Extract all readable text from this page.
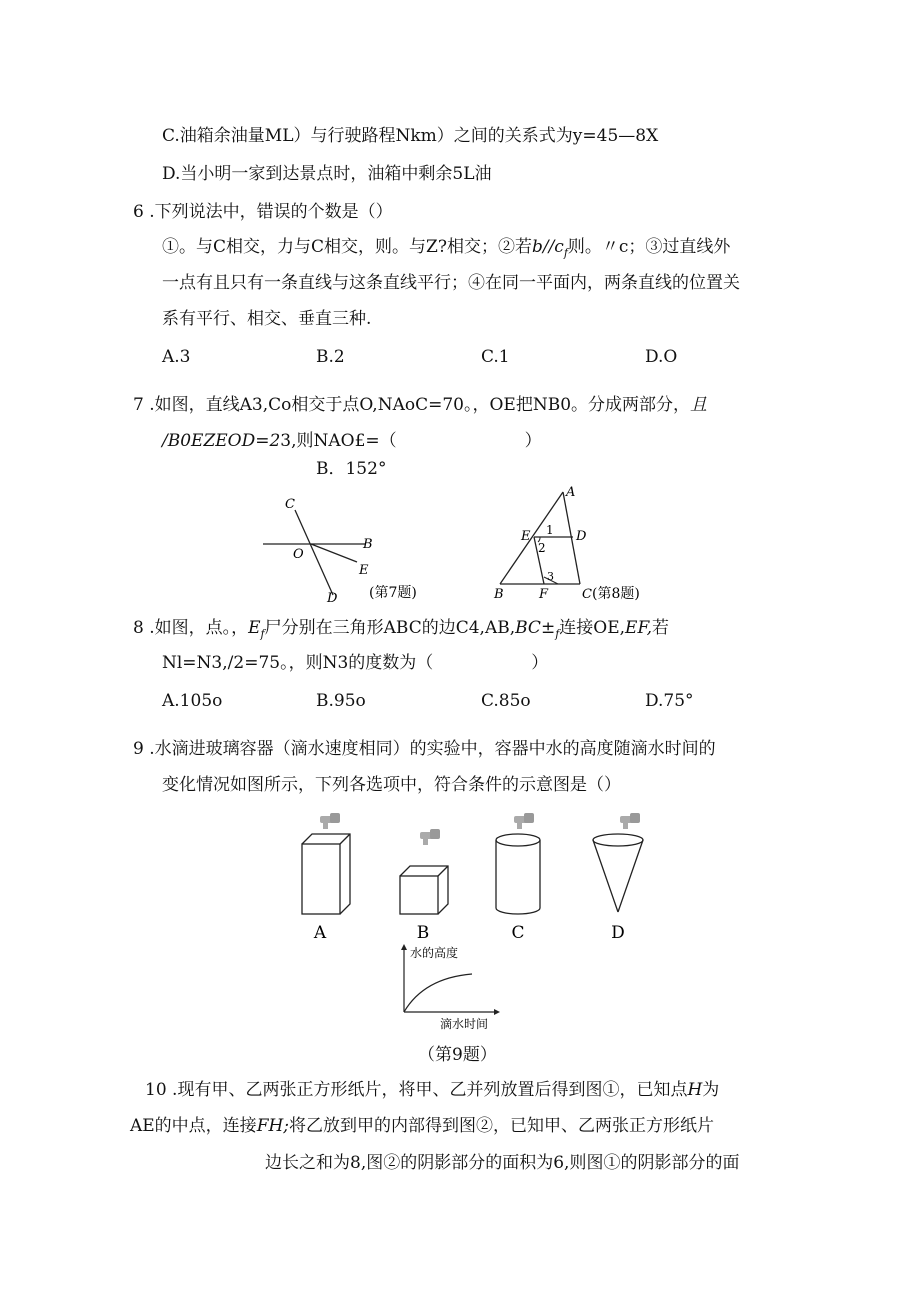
C.油箱余油量ML）与行驶路程Nkm）之间的关系式为y=45—8X
D.当小明一家到达景点时，油箱中剩余5L油
6 .下列说法中，错误的个数是（）
①。与C相交，力与C相交，则。与Z?相交；②若$b//c_f$则。〃c；③过直线外
一点有且只有一条直线与这条直线平行；④在同一平面内，两条直线的位置关
系有平行、相交、垂直三种.
A.3	B.2	C.1	D.O
7 .如图，直线A3,Co相交于点O,NAoC=70。，OE把NB0。分成两部分，且
/B0EZEOD=23,则NAO£=（	）
B．152°
C
O
B
E
D (第7题)
A
E	D
1
2
3
B	F	C (第8题)
8 .如图，点。，$E_f$尸分别在三角形ABC的边$C4,AB,BC\pm_f$连接OE,EF,若
Nl=N3,/2=75。，则N3的度数为（	）
A.105o	B.95o	C.85o	D.75°
9 .水滴进玻璃容器（滴水速度相同）的实验中，容器中水的高度随滴水时间的
变化情况如图所示，下列各选项中，符合条件的示意图是（）
A	B	C	D
水的高度
滴水时间
（第9题）
10 .现有甲、乙两张正方形纸片，将甲、乙并列放置后得到图①，已知点H为
AE的中点，连接FH;将乙放到甲的内部得到图②，已知甲、乙两张正方形纸片
边长之和为8,图②的阴影部分的面积为6,则图①的阴影部分的面
